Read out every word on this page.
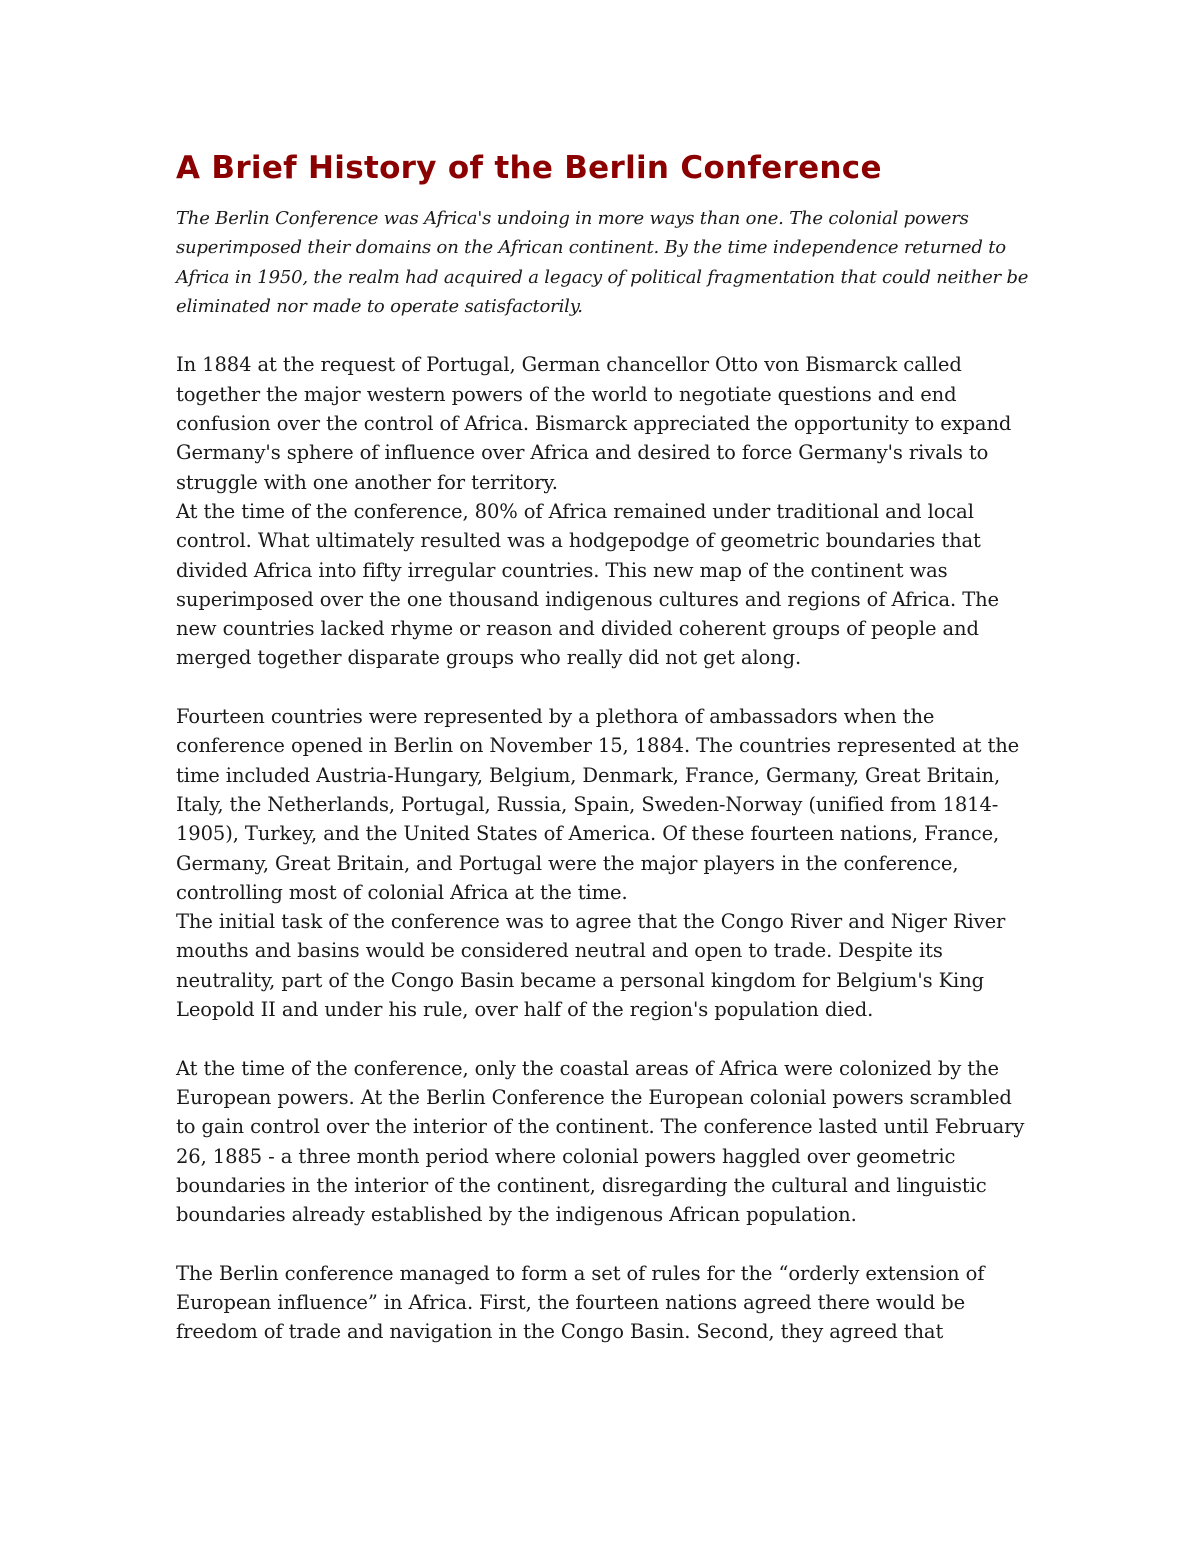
A Brief History of the Berlin Conference

The Berlin Conference was Africa's undoing in more ways than one. The colonial powers superimposed their domains on the African continent. By the time independence returned to Africa in 1950, the realm had acquired a legacy of political fragmentation that could neither be eliminated nor made to operate satisfactorily.

In 1884 at the request of Portugal, German chancellor Otto von Bismarck called together the major western powers of the world to negotiate questions and end confusion over the control of Africa. Bismarck appreciated the opportunity to expand Germany's sphere of influence over Africa and desired to force Germany's rivals to struggle with one another for territory.

At the time of the conference, 80% of Africa remained under traditional and local control. What ultimately resulted was a hodgepodge of geometric boundaries that divided Africa into fifty irregular countries. This new map of the continent was superimposed over the one thousand indigenous cultures and regions of Africa. The new countries lacked rhyme or reason and divided coherent groups of people and merged together disparate groups who really did not get along.

Fourteen countries were represented by a plethora of ambassadors when the conference opened in Berlin on November 15, 1884. The countries represented at the time included Austria-Hungary, Belgium, Denmark, France, Germany, Great Britain, Italy, the Netherlands, Portugal, Russia, Spain, Sweden-Norway (unified from 1814-1905), Turkey, and the United States of America. Of these fourteen nations, France, Germany, Great Britain, and Portugal were the major players in the conference, controlling most of colonial Africa at the time.

The initial task of the conference was to agree that the Congo River and Niger River mouths and basins would be considered neutral and open to trade. Despite its neutrality, part of the Congo Basin became a personal kingdom for Belgium's King Leopold II and under his rule, over half of the region's population died.

At the time of the conference, only the coastal areas of Africa were colonized by the European powers. At the Berlin Conference the European colonial powers scrambled to gain control over the interior of the continent. The conference lasted until February 26, 1885 - a three month period where colonial powers haggled over geometric boundaries in the interior of the continent, disregarding the cultural and linguistic boundaries already established by the indigenous African population.

The Berlin conference managed to form a set of rules for the “orderly extension of European influence” in Africa. First, the fourteen nations agreed there would be freedom of trade and navigation in the Congo Basin. Second, they agreed that
